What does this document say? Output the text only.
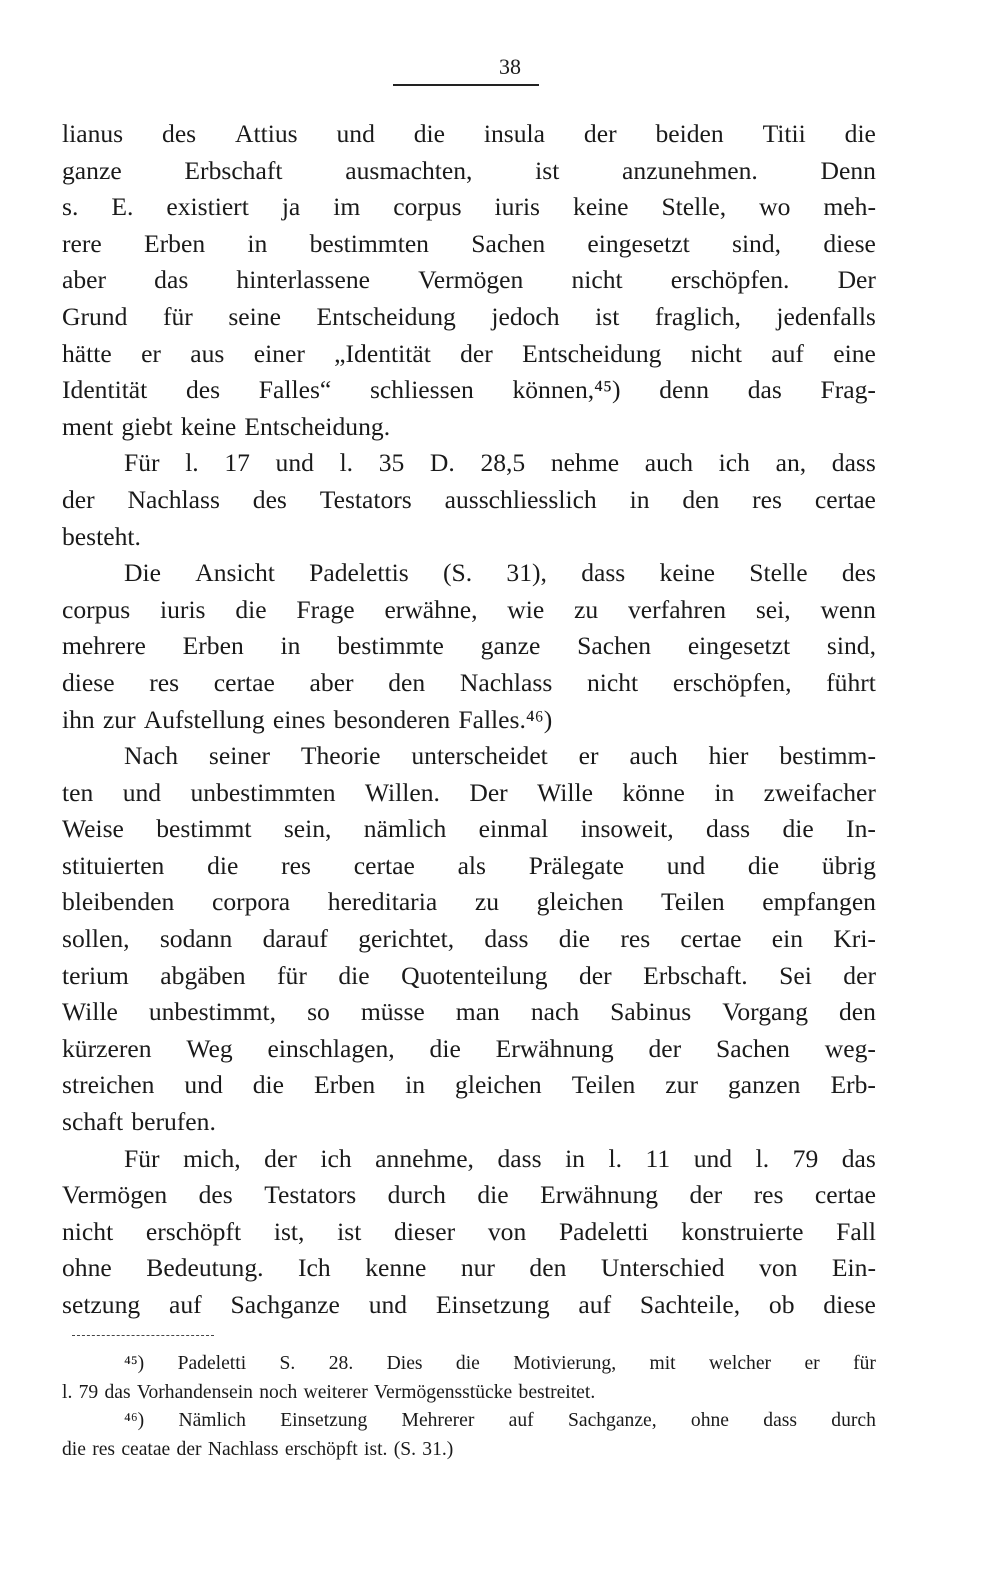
38
lianus des Attius und die insula der beiden Titii die
ganze Erbschaft ausmachten, ist anzunehmen. Denn
s. E. existiert ja im corpus iuris keine Stelle, wo meh-
rere Erben in bestimmten Sachen eingesetzt sind, diese
aber das hinterlassene Vermögen nicht erschöpfen. Der
Grund für seine Entscheidung jedoch ist fraglich, jedenfalls
hätte er aus einer „Identität der Entscheidung nicht auf eine
Identität des Falles“ schliessen können,⁴⁵) denn das Frag-
ment giebt keine Entscheidung.
Für l. 17 und l. 35 D. 28,5 nehme auch ich an, dass
der Nachlass des Testators ausschliesslich in den res certae
besteht.
Die Ansicht Padelettis (S. 31), dass keine Stelle des
corpus iuris die Frage erwähne, wie zu verfahren sei, wenn
mehrere Erben in bestimmte ganze Sachen eingesetzt sind,
diese res certae aber den Nachlass nicht erschöpfen, führt
ihn zur Aufstellung eines besonderen Falles.⁴⁶)
Nach seiner Theorie unterscheidet er auch hier bestimm-
ten und unbestimmten Willen. Der Wille könne in zweifacher
Weise bestimmt sein, nämlich einmal insoweit, dass die In-
stituierten die res certae als Prälegate und die übrig
bleibenden corpora hereditaria zu gleichen Teilen empfangen
sollen, sodann darauf gerichtet, dass die res certae ein Kri-
terium abgäben für die Quotenteilung der Erbschaft. Sei der
Wille unbestimmt, so müsse man nach Sabinus Vorgang den
kürzeren Weg einschlagen, die Erwähnung der Sachen weg-
streichen und die Erben in gleichen Teilen zur ganzen Erb-
schaft berufen.
Für mich, der ich annehme, dass in l. 11 und l. 79 das
Vermögen des Testators durch die Erwähnung der res certae
nicht erschöpft ist, ist dieser von Padeletti konstruierte Fall
ohne Bedeutung. Ich kenne nur den Unterschied von Ein-
setzung auf Sachganze und Einsetzung auf Sachteile, ob diese
⁴⁵) Padeletti S. 28. Dies die Motivierung, mit welcher er für
l. 79 das Vorhandensein noch weiterer Vermögensstücke bestreitet.
⁴⁶) Nämlich Einsetzung Mehrerer auf Sachganze, ohne dass durch
die res ceatae der Nachlass erschöpft ist. (S. 31.)
